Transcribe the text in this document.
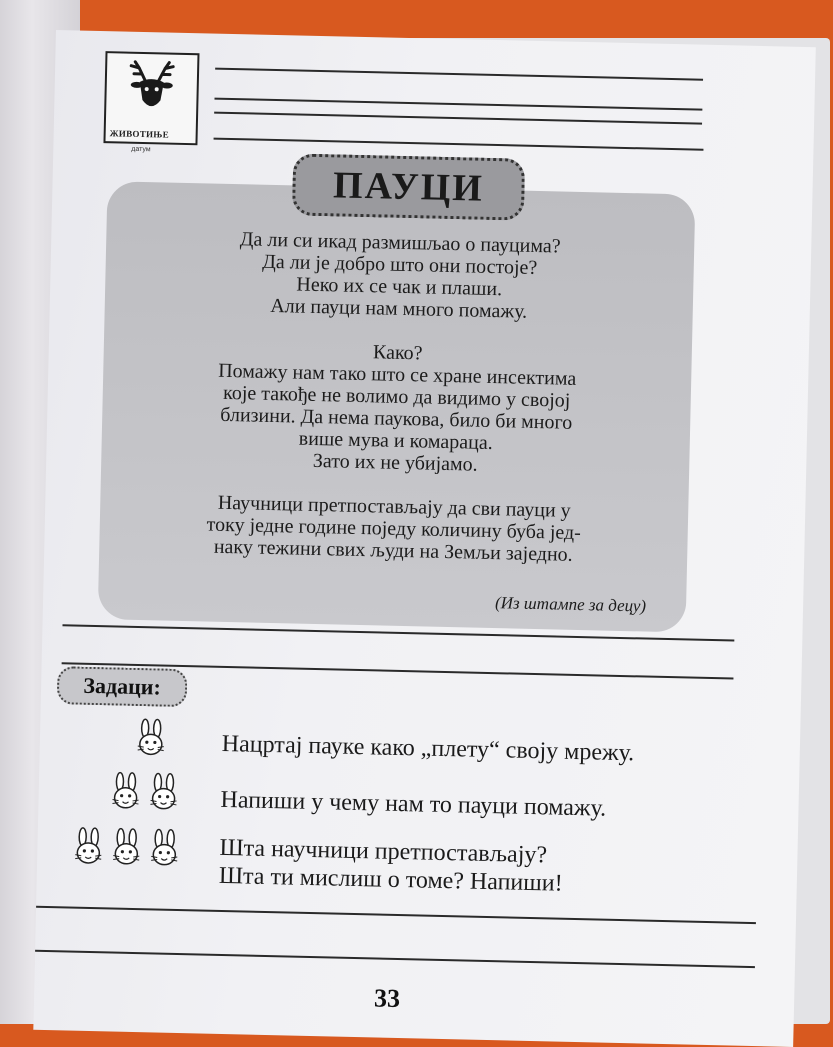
ЖИВОТИЊЕ
датум
ПАУЦИ

Да ли си икад размишљао о пауцима?

Да ли је добро што они постоје?

Неко их се чак и плаши.

Али пауци нам много помажу.

Како?

Помажу нам тако што се хране инсектима

које такође не волимо да видимо у својој

близини. Да нема паукова, било би много

више мува и комараца.

Зато их не убијамо.

Научници претпостављају да сви пауци у

току једне године поједу количину буба јед-

наку тежини свих људи на Земљи заједно.

(Из штампе за децу)
Задаци:
Нацртај пауке како „плету“ своју мрежу.
Напиши у чему нам то пауци помажу.
Шта научници претпостављају?
Шта ти мислиш о томе? Напиши!
33
